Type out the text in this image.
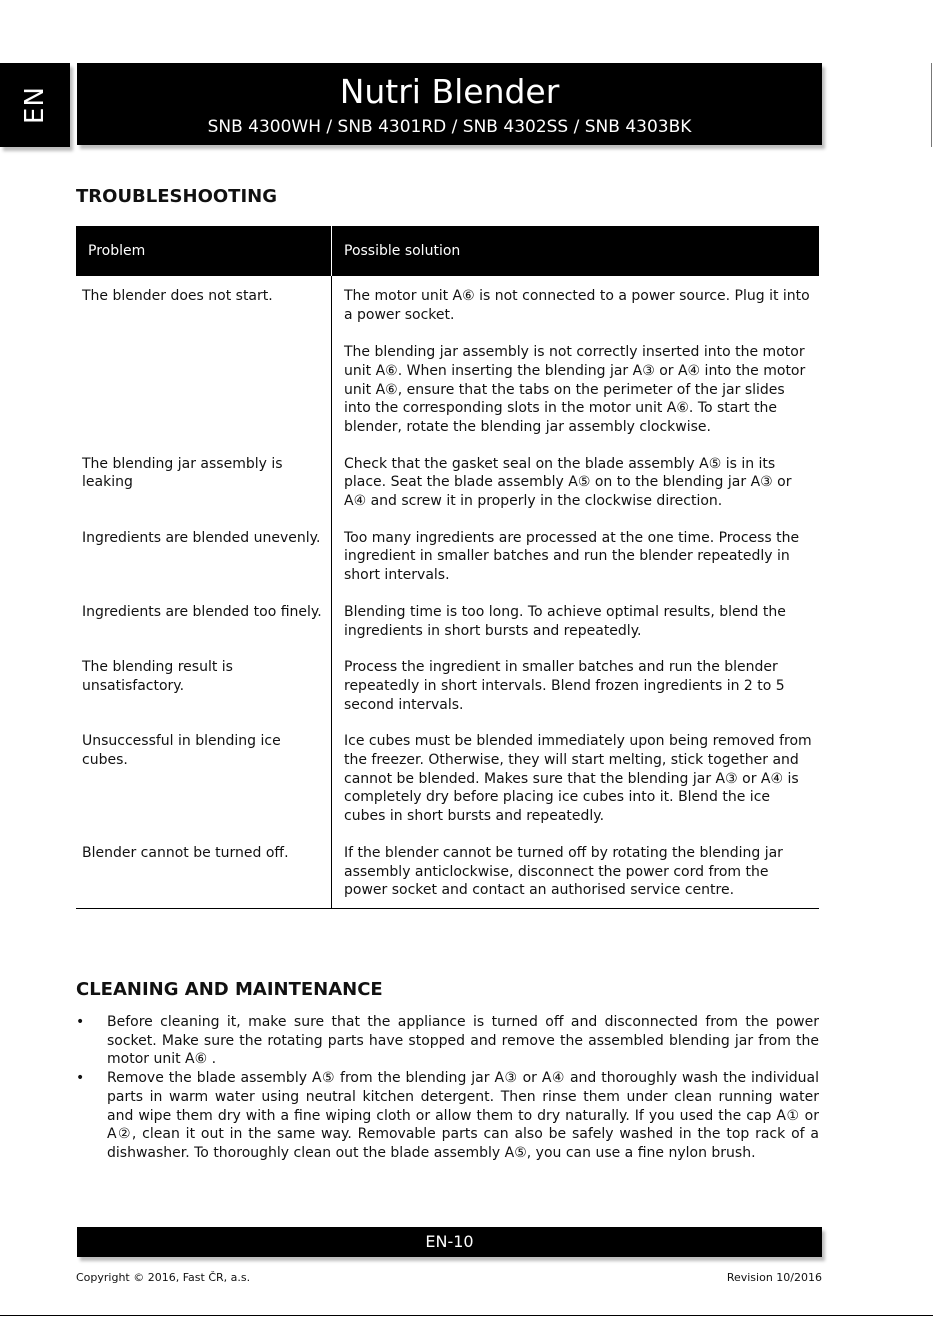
EN	Nutri Blender
SNB 4300WH / SNB 4301RD / SNB 4302SS / SNB 4303BK
TROUBLESHOOTING
Problem	Possible solution
The blender does not start.	The motor unit A⑥ is not connected to a power source. Plug it into a power socket.

The blending jar assembly is not correctly inserted into the motor unit A⑥. When inserting the blending jar A③ or A④ into the motor unit A⑥, ensure that the tabs on the perimeter of the jar slides into the corresponding slots in the motor unit A⑥. To start the blender, rotate the blending jar assembly clockwise.

The blending jar assembly is leaking	Check that the gasket seal on the blade assembly A⑤ is in its place. Seat the blade assembly A⑤ on to the blending jar A③ or A④ and screw it in properly in the clockwise direction.

Ingredients are blended unevenly.	Too many ingredients are processed at the one time. Process the ingredient in smaller batches and run the blender repeatedly in short intervals.

Ingredients are blended too finely.	Blending time is too long. To achieve optimal results, blend the ingredients in short bursts and repeatedly.

The blending result is unsatisfactory.	Process the ingredient in smaller batches and run the blender repeatedly in short intervals. Blend frozen ingredients in 2 to 5 second intervals.

Unsuccessful in blending ice cubes.	Ice cubes must be blended immediately upon being removed from the freezer. Otherwise, they will start melting, stick together and cannot be blended. Makes sure that the blending jar A③ or A④ is completely dry before placing ice cubes into it. Blend the ice cubes in short bursts and repeatedly.

Blender cannot be turned off.	If the blender cannot be turned off by rotating the blending jar assembly anticlockwise, disconnect the power cord from the power socket and contact an authorised service centre.

CLEANING AND MAINTENANCE
• Before cleaning it, make sure that the appliance is turned off and disconnected from the power socket. Make sure the rotating parts have stopped and remove the assembled blending jar from the motor unit A⑥ .
• Remove the blade assembly A⑤ from the blending jar A③ or A④ and thoroughly wash the individual parts in warm water using neutral kitchen detergent. Then rinse them under clean running water and wipe them dry with a fine wiping cloth or allow them to dry naturally. If you used the cap A① or A②, clean it out in the same way. Removable parts can also be safely washed in the top rack of a dishwasher. To thoroughly clean out the blade assembly A⑤, you can use a fine nylon brush.
EN-10
Copyright © 2016, Fast ČR, a.s.	Revision 10/2016
